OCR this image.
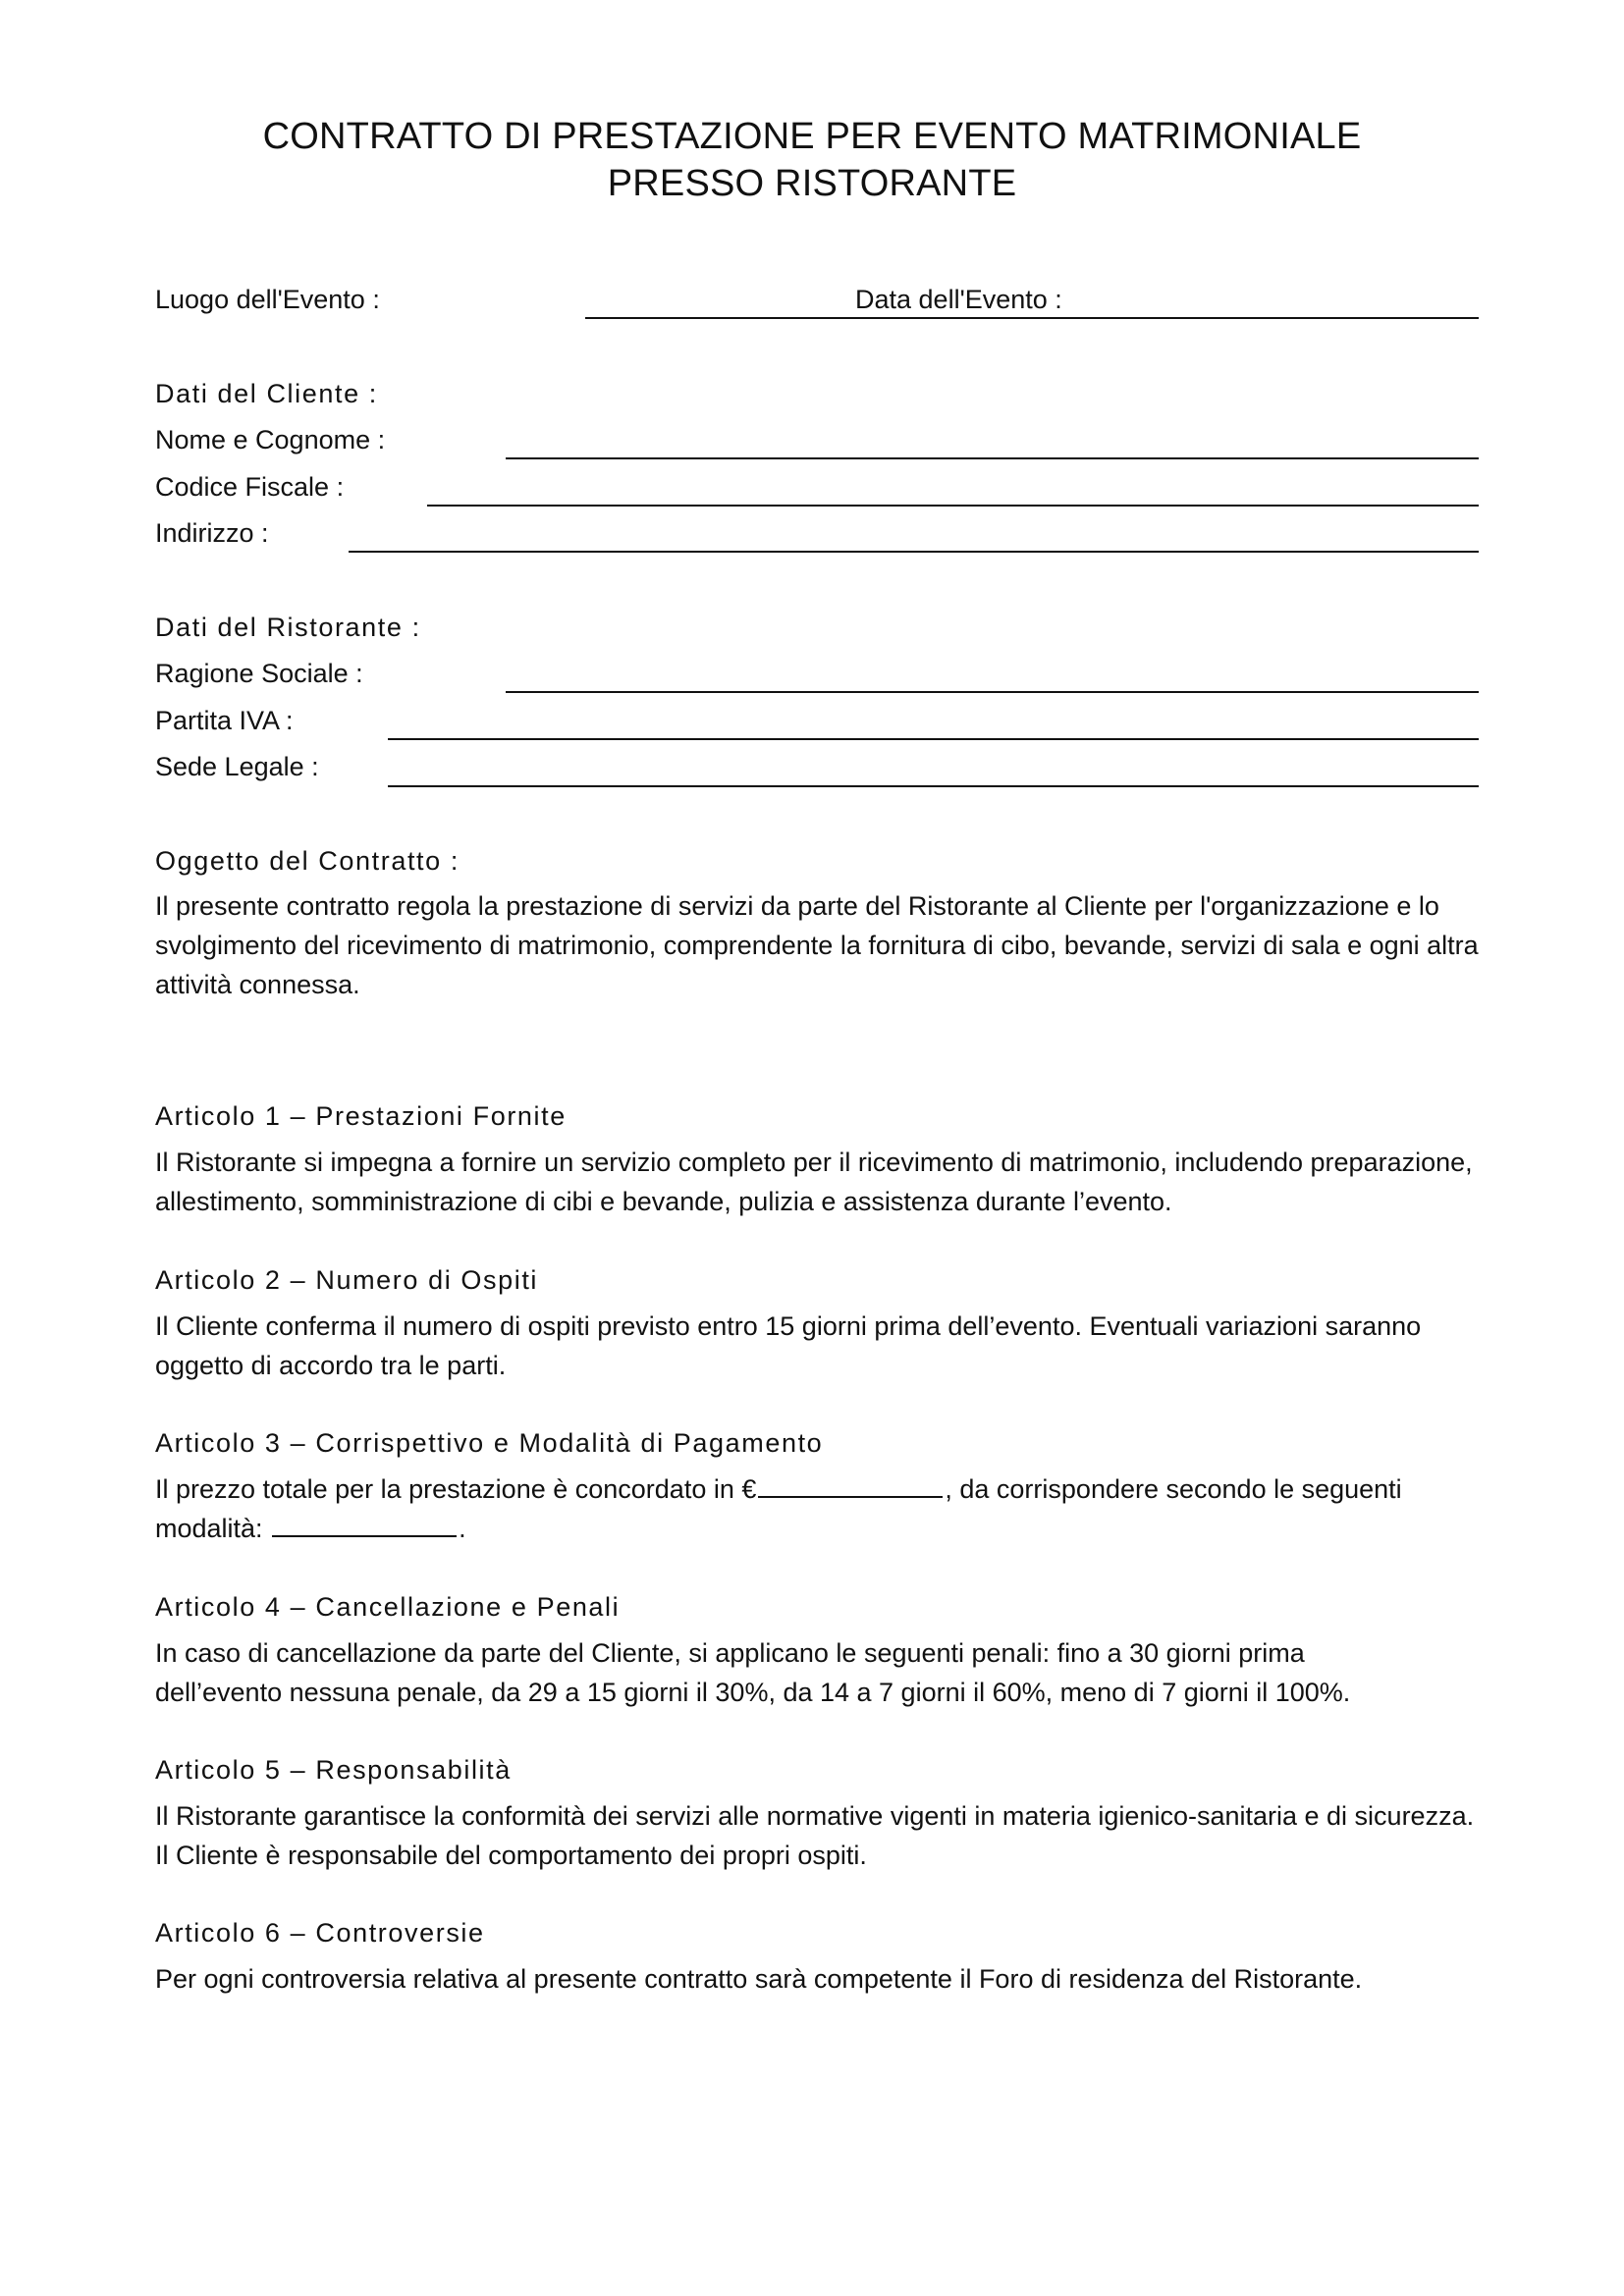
CONTRATTO DI PRESTAZIONE PER EVENTO MATRIMONIALE
PRESSO RISTORANTE
Luogo dell'Evento :	Data dell'Evento :
Dati del Cliente :
Nome e Cognome :
Codice Fiscale :
Indirizzo :
Dati del Ristorante :
Ragione Sociale :
Partita IVA :
Sede Legale :
Oggetto del Contratto :
Il presente contratto regola la prestazione di servizi da parte del Ristorante al Cliente per l'organizzazione e lo svolgimento del ricevimento di matrimonio, comprendente la fornitura di cibo, bevande, servizi di sala e ogni altra attività connessa.
Articolo 1 – Prestazioni Fornite
Il Ristorante si impegna a fornire un servizio completo per il ricevimento di matrimonio, includendo preparazione, allestimento, somministrazione di cibi e bevande, pulizia e assistenza durante l’evento.
Articolo 2 – Numero di Ospiti
Il Cliente conferma il numero di ospiti previsto entro 15 giorni prima dell’evento. Eventuali variazioni saranno oggetto di accordo tra le parti.
Articolo 3 – Corrispettivo e Modalità di Pagamento
Il prezzo totale per la prestazione è concordato in €	, da corrispondere secondo le seguenti modalità:	.
Articolo 4 – Cancellazione e Penali
In caso di cancellazione da parte del Cliente, si applicano le seguenti penali: fino a 30 giorni prima dell’evento nessuna penale, da 29 a 15 giorni il 30%, da 14 a 7 giorni il 60%, meno di 7 giorni il 100%.
Articolo 5 – Responsabilità
Il Ristorante garantisce la conformità dei servizi alle normative vigenti in materia igienico-sanitaria e di sicurezza. Il Cliente è responsabile del comportamento dei propri ospiti.
Articolo 6 – Controversie
Per ogni controversia relativa al presente contratto sarà competente il Foro di residenza del Ristorante.
